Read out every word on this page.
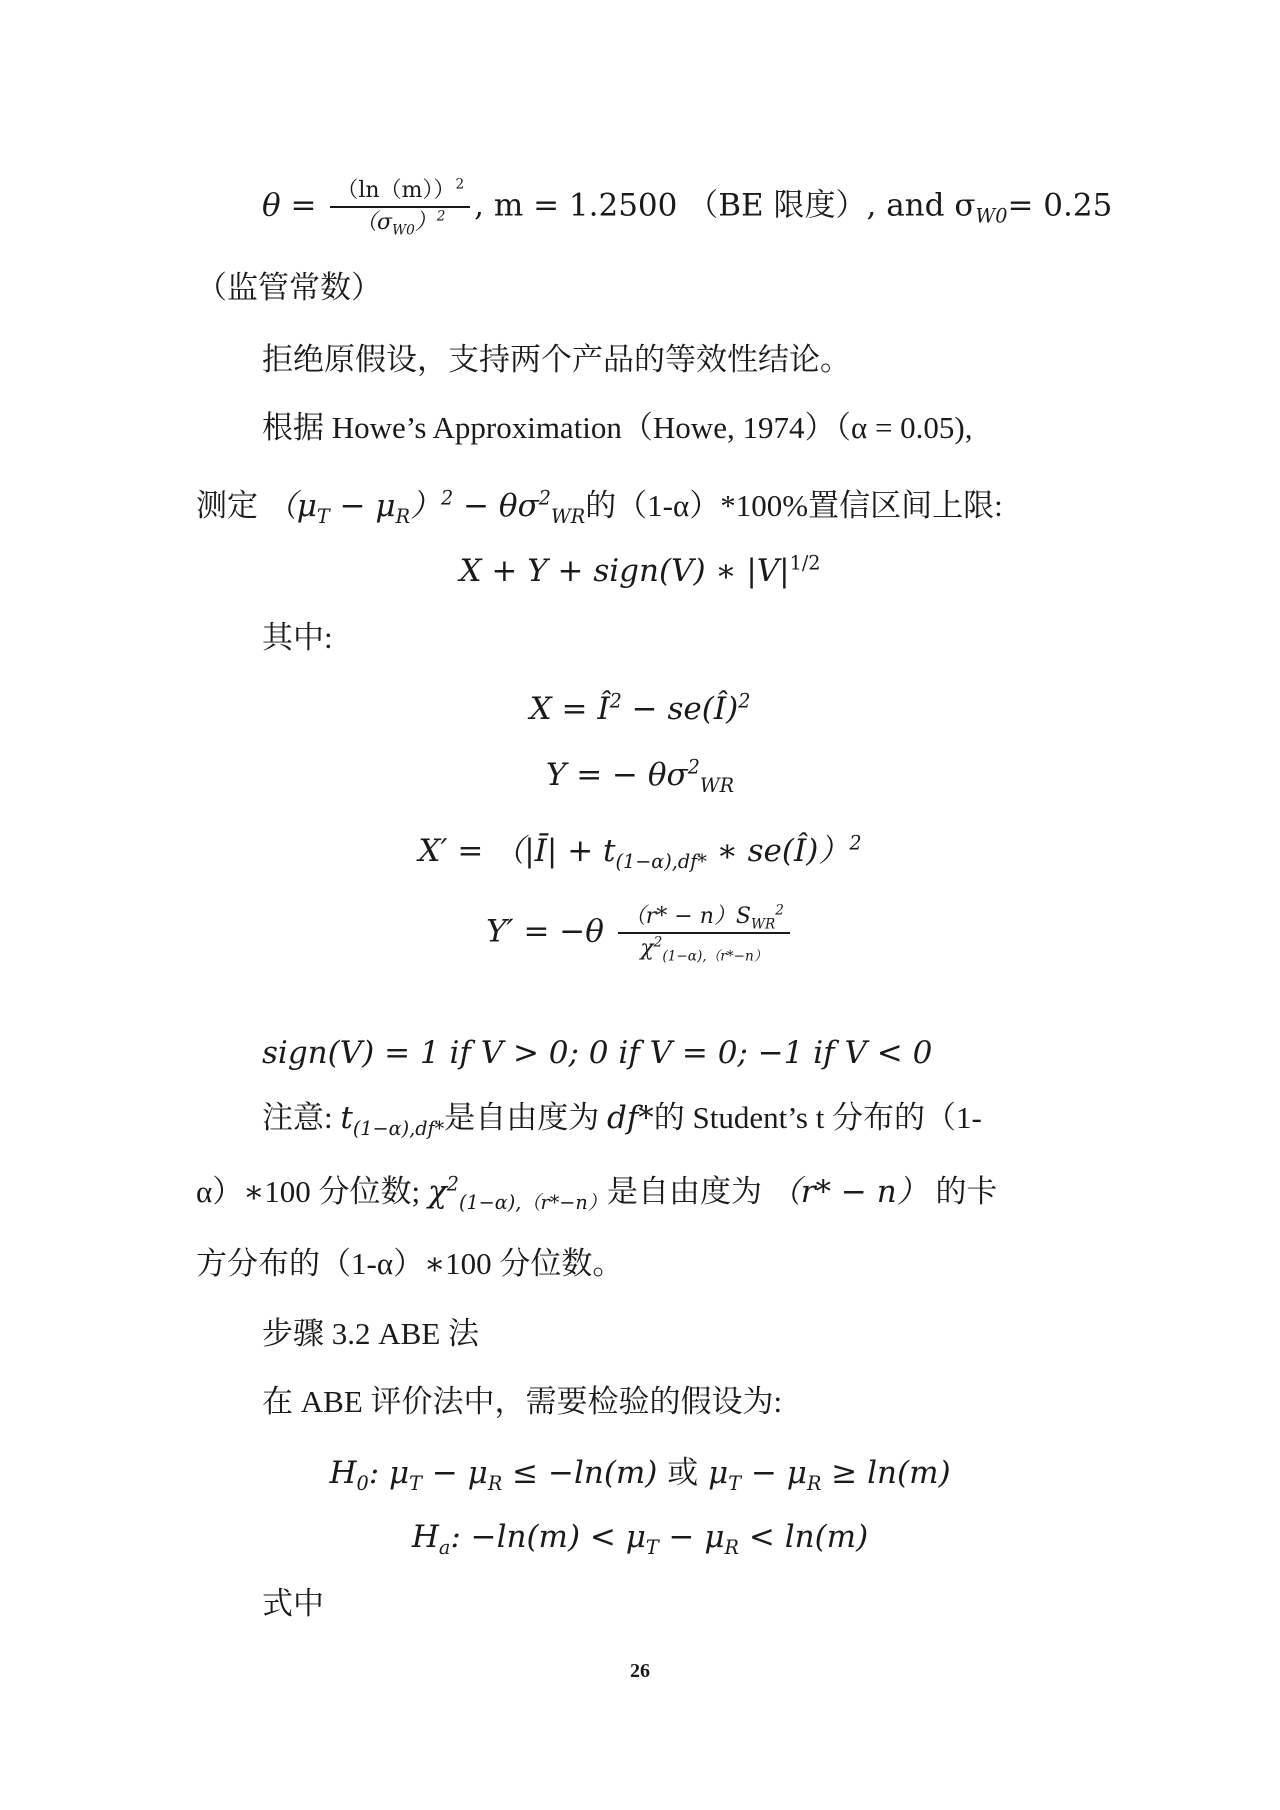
$\theta = \frac{(\ln(m))^2}{(\sigma_{W0})^2}$ , m = 1.2500 （BE 限度）, and $\sigma_{W0}= 0.25$
（监管常数）
拒绝原假设，支持两个产品的等效性结论。
根据 Howe’s Approximation（Howe, 1974）（α = 0.05),
测定 $(\mu_T - \mu_R)^2 - \theta\sigma^2_{WR}$的（1-α）*100%置信区间上限:
X + Y + sign(V) ∗ $|V|^{1/2}$
其中:
$X = Î^2$ − se(Î)$^2$
Y = − $\theta\sigma^2_{WR}$
X′ = （|Ī| + $t_{(1-\alpha),df*}$ ∗ se(Î)）$^2$
$Y' = -\theta \frac{(r* - n)S_{WR}^2}{\chi^2_{(1-\alpha),(r*-n)}}$
sign(V) = 1 if V > 0; 0 if V = 0; −1 if V < 0
注意: $t_{(1-\alpha),df*}$是自由度为 df*的 Student’s t 分布的（1-
α）∗100 分位数; $\chi^2_{(1-\alpha),(r*-n)}$是自由度为 （r* − n） 的卡
方分布的（1-α）∗100 分位数。
步骤 3.2 ABE 法
在 ABE 评价法中，需要检验的假设为:
$H_0$: $\mu_T - \mu_R \le -\ln(m)$ 或 $\mu_T - \mu_R \ge \ln(m)$
$H_a$: $-\ln(m) < \mu_T - \mu_R < \ln(m)$
式中
26
